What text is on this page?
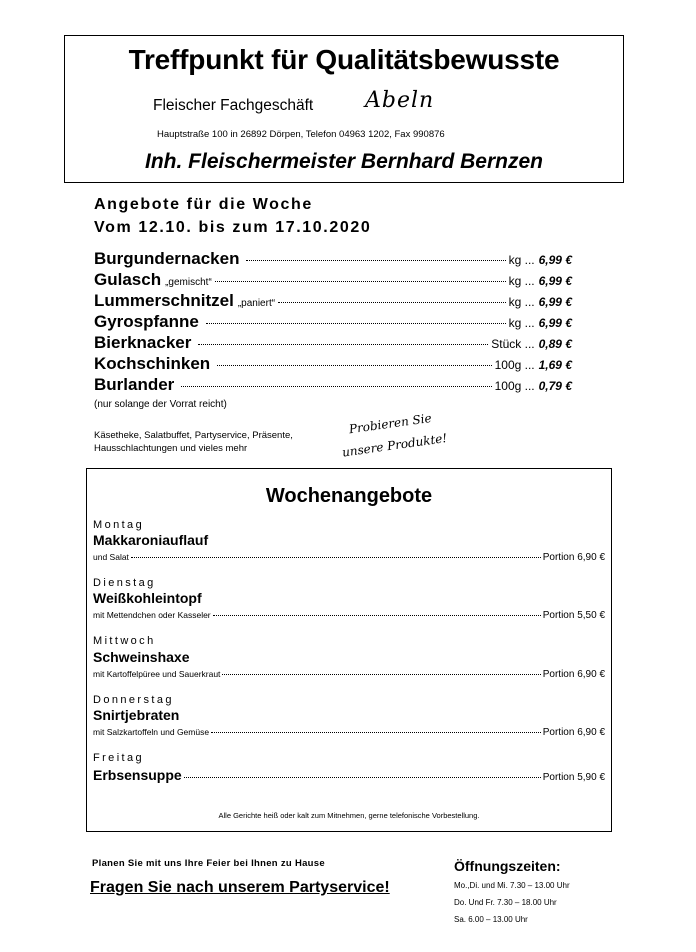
Treffpunkt für Qualitätsbewusste
Fleischer Fachgeschäft Abeln
Hauptstraße 100 in 26892 Dörpen, Telefon 04963 1202, Fax 990876
Inh. Fleischermeister Bernhard Bernzen
Angebote für die Woche
Vom 12.10. bis zum 17.10.2020
Burgundernacken	kg ... 6,99 €
Gulasch „gemischt“	kg ... 6,99 €
Lummerschnitzel „paniert“	kg ... 6,99 €
Gyrospfanne	kg ... 6,99 €
Bierknacker	Stück ... 0,89 €
Kochschinken	100g ... 1,69 €
Burlander	100g ... 0,79 €
(nur solange der Vorrat reicht)
Käsetheke, Salatbuffet, Partyservice, Präsente,
Hausschlachtungen und vieles mehr
Probieren Sie
unsere Produkte!
Wochenangebote
Montag
Makkaroniauflauf
und Salat	Portion 6,90 €
Dienstag
Weißkohleintopf
mit Mettendchen oder Kasseler	Portion 5,50 €
Mittwoch
Schweinshaxe
mit Kartoffelpüree und Sauerkraut	Portion 6,90 €
Donnerstag
Snirtjebraten
mit Salzkartoffeln und Gemüse	Portion 6,90 €
Freitag
Erbsensuppe	Portion 5,90 €
Alle Gerichte heiß oder kalt zum Mitnehmen, gerne telefonische Vorbestellung.
Planen Sie mit uns Ihre Feier bei Ihnen zu Hause
Fragen Sie nach unserem Partyservice!
Öffnungszeiten:
Mo.,Di. und Mi. 7.30 – 13.00 Uhr
Do. Und Fr. 7.30 – 18.00 Uhr
Sa. 6.00 – 13.00 Uhr
